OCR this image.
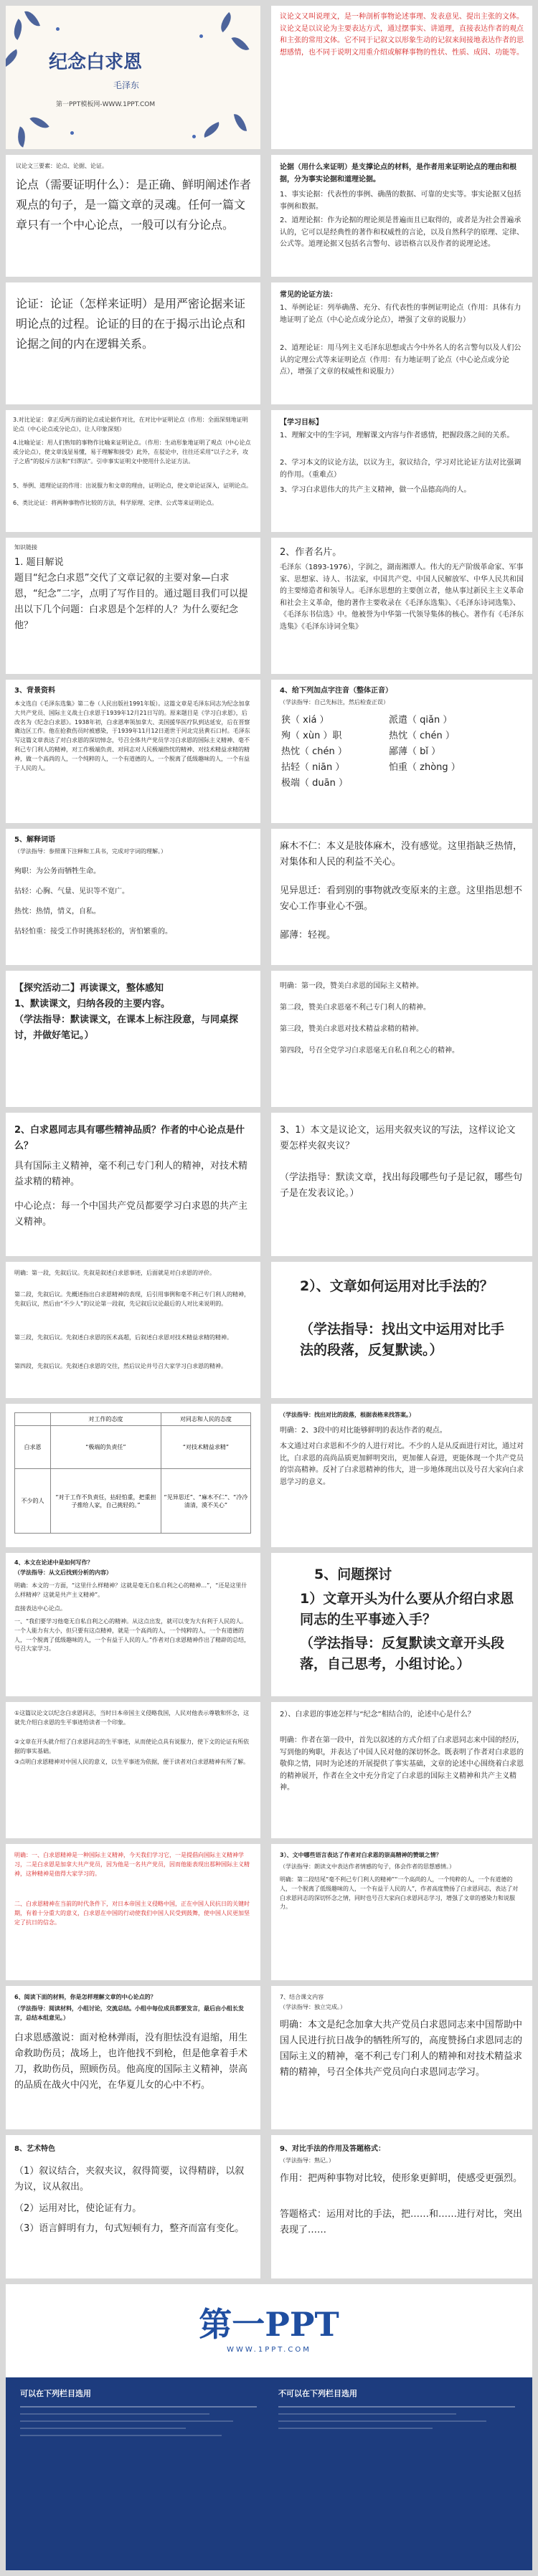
纪念白求恩
毛泽东
第一PPT模板网-WWW.1PPT.COM
议论文又叫说理文，是一种剖析事物论述事理、发表意见、提出主张的文体。议论文是以议论为主要表达方式，通过摆事实、讲道理，直接表达作者的观点和主张的常用文体。它不同于记叙文以形象生动的记叙来间接地表达作者的思想感情，也不同于说明文用重介绍或解释事物的性状、性质、成因、功能等。
议论文三要素：论点、论据、论证。
论点（需要证明什么）：是正确、鲜明阐述作者观点的句子，是一篇文章的灵魂。任何一篇文章只有一个中心论点，一般可以有分论点。
论据（用什么来证明）是支撑论点的材料，是作者用来证明论点的理由和根据，分为事实论据和道理论据。
1、事实论据：代表性的事例、确凿的数据、可靠的史实等。事实论据又包括事例和数据。
2、道理论据：作为论据的理论须是普遍而且已取得的，或者是为社会普遍承认的，它可以是经典性的著作和权威性的言论，以及自然科学的原理、定律、公式等。道理论据又包括名言警句、谚语格言以及作者的说理论述。
论证：论证（怎样来证明）是用严密论据来证明论点的过程。论证的目的在于揭示出论点和论据之间的内在逻辑关系。
常见的论证方法：
1、举例论证：列举确凿、充分、有代表性的事例证明论点（作用：具体有力地证明了论点（中心论点或分论点），增强了文章的说服力）
2、道理论证：用马列主义毛泽东思想或古今中外名人的名言警句以及人们公认的定理公式等来证明论点（作用：有力地证明了论点（中心论点或分论点），增强了文章的权威性和说服力）
3.对比论证：拿正反两方面的论点或论据作对比，在对比中证明论点（作用：全面深刻地证明论点（中心论点或分论点），让人印象深刻）
4.比喻论证：用人们熟知的事物作比喻来证明论点。（作用：生动形象地证明了观点（中心论点或分论点），使文章浅显易懂，易于理解和接受）此外，在驳论中，往往还采用“以子之矛，攻子之盾”的驳斥方法和“归谬法”。引申事实证明文中使用什么论证方法。
5、举例、道理论证的作用：出说服力和文章的理由，证明论点，使文章论证深入，证明论点。
6、类比论证：将两种事物作比较的方法，科学原理、定律、公式等来证明论点。
【学习目标】
1、理解文中的生字词，理解课文内容与作者感情，把握段落之间的关系。
2、学习本文的议论方法，以议为主，叙议结合，学习对比论证方法对比强调的作用。（重难点）
3、学习白求恩伟大的共产主义精神，做一个品德高尚的人。
知识链接
1. 题目解说
题目“纪念白求恩”交代了文章记叙的主要对象—白求恩，“纪念”二字，点明了写作目的。通过题目我们可以提出以下几个问题：白求恩是个怎样的人？为什么要纪念他？
2、作者名片。
毛泽东（1893-1976），字润之，湖南湘潭人。伟大的无产阶级革命家、军事家、思想家、诗人、书法家，中国共产党、中国人民解放军、中华人民共和国的主要缔造者和领导人。毛泽东思想的主要创立者，他从事过新民主主义革命和社会主义革命，他的著作主要收录在《毛泽东选集》、《毛泽东诗词选集》、《毛泽东书信选》中。他被誉为中华第一代领导集体的核心。著作有《毛泽东选集》《毛泽东诗词全集》
3、背景资料
本文选自《毛泽东选集》第二卷（人民出版社1991年版）。这篇文章是毛泽东同志为纪念加拿大共产党员、国际主义战士白求恩于1939年12月21日写的。原来题目是《学习白求恩》，后改名为《纪念白求恩》。1938年初，白求恩率领加拿大、美国援华医疗队到达延安，后在晋察冀边区工作。他在抢救伤员时被感染，于1939年11月12日逝世于河北完县黄石口村。毛泽东写这篇文章表达了对白求恩的深切悼念，号召全体共产党员学习白求恩的国际主义精神、毫不利己专门利人的精神，对工作极端负责、对同志对人民极端热忱的精神、对技术精益求精的精神，做一个高尚的人，一个纯粹的人，一个有道德的人，一个脱离了低级趣味的人，一个有益于人民的人。
4、给下列加点字注音（整体正音）
（学法指导：自己先标注，然后检查正误）
狭（ xiá ）	派遣（ qiǎn ）
殉（ xùn ）职	热忱（ chén ）
热忱（ chén ）	鄙薄（ bǐ ）
拈轻（ niān ）	怕重（ zhòng ）
极端（ duān ）
5、解释词语
（学法指导：参照课下注释和工具书，完成对字词的理解。）
殉职：为公务而牺牲生命。
拈轻：心胸、气量、见识等不宽广。
热忱：热情，情义，自私。
拈轻怕重：接受工作时挑拣轻松的，害怕繁重的。
麻木不仁：本义是肢体麻木，没有感觉。这里指缺乏热情，对集体和人民的利益不关心。
见异思迁：看到别的事物就改变原来的主意。这里指思想不安心工作事业心不强。
鄙薄：轻视。
【探究活动二】再读课文，整体感知
1、默读课文，归纳各段的主要内容。
（学法指导：默读课文，在课本上标注段意，与同桌探讨，并做好笔记。）
明确：第一段，赞美白求恩的国际主义精神。
第二段，赞美白求恩毫不利己专门利人的精神。
第三段，赞美白求恩对技术精益求精的精神。
第四段，号召全党学习白求恩毫无自私自利之心的精神。
2、白求恩同志具有哪些精神品质？作者的中心论点是什么？
具有国际主义精神，毫不利己专门利人的精神，对技术精益求精的精神。
中心论点：每一个中国共产党员都要学习白求恩的共产主义精神。
3、1）本文是议论文，运用夹叙夹议的写法，这样议论文要怎样夹叙夹议？
（学法指导：默读文章，找出每段哪些句子是记叙，哪些句子是在发表议论。）
明确：第一段，先叙后议。先叙是叙述白求恩事迹，后面就是对白求恩的评价。
第二段，先叙后议。先概述指出白求恩精神的表现，后引用事例和毫不利己专门利人的精神，先叙后议，然后由“不少人”的议论第一段叙，先记叙后议论最后的人对比来说明的。
第三段，先叙后议。先叙述白求恩的医术高超，后叙述白求恩对技术精益求精的精神。
第四段，先叙后议。先叙述白求恩的交往，然后议论并号召大家学习白求恩的精神。
2）、文章如何运用对比手法的？
（学法指导：找出文中运用对比手法的段落，反复默读。）
	对工作的态度	对同志和人民的态度
白求恩	“极端的负责任”	“对技术精益求精”
不少的人	“对于工作不负责任，拈轻怕重，把重担子推给人家，自己挑轻的。”	“见异思迁”、“麻木不仁”、“冷冷清清，漠不关心”
（学法指导：找出对比的段落，根据表格来找答案。）
明确：2、3段中的对比能够鲜明的表达作者的观点。
本文通过对白求恩和不少的人进行对比。不少的人是从反面进行对比，通过对比，白求恩的高尚品质更加鲜明突出，更加催人奋进，更能体现一个共产党员的崇高精神。反衬了白求恩精神的伟大，进一步地体现出以及号召大家向白求恩学习的意义。
4、本文在论述中是如何写作？
（学法指导：从文后找到分析的内容）
明确：本文的一方面，“这里什么样精神？这就是毫无自私自利之心的精神…”，“还是这里什么样精神？这就是共产主义精神”。
直接表达中心论点。
一、“我们要学习他毫无自私自利之心的精神。从这点出发，就可以变为大有利于人民的人。一个人能力有大小，但只要有这点精神，就是一个高尚的人，一个纯粹的人，一个有道德的人，一个脱离了低级趣味的人，一个有益于人民的人。”作者对白求恩精神作出了精辟的总结，号召大家学习。
5、问题探讨
1）文章开头为什么要从介绍白求恩同志的生平事迹入手？
（学法指导：反复默读文章开头段落，自己思考，小组讨论。）
①这篇议论文以纪念白求恩同志，当时日本帝国主义侵略我国，人民对他表示尊敬和怀念，这就先介绍白求恩的生平事迹给读者一个印象。
②文章在开头就介绍了白求恩同志的生平事迹，从而使论点具有说服力，使下文的论证有所依据的事实基础。
③点明白求恩精神对中国人民的意义，以生平事迹为依据，便于读者对白求恩精神有所了解。
2）、白求恩的事迹怎样与“纪念”相结合的，论述中心是什么？
明确：作者在第一段中，首先以叙述的方式介绍了白求恩同志来中国的经历，写到他的殉职，并表达了中国人民对他的深切怀念。既表明了作者对白求恩的敬仰之情，同时为论述的开展提供了事实基础，文章的论述中心围绕着白求恩的精神展开，作者在全文中充分肯定了白求恩的国际主义精神和共产主义精神。
明确：一、白求恩精神是一种国际主义精神，今天我们学习它，一是提倡向国际主义精神学习，二是白求恩是加拿大共产党员，因为他是一名共产党员，因而他能表现出那种国际主义精神，这种精神是值得大家学习的。
二、白求恩精神在当前的时代条件下，对日本帝国主义侵略中国，正在中国人民抗日的关键时期，有着十分重大的意义，白求恩在中国的行动使我们中国人民受到鼓舞，使中国人民更加坚定了抗日的信念。
3）、文中哪些语言表达了作者对白求恩的崇高精神的赞颂之情？
（学法指导：朗读文中表达作者情感的句子，体会作者的思想感情。）
明确：第二段结尾“毫不利己专门利人的精神”“一个高尚的人，一个纯粹的人，一个有道德的人，一个脱离了低级趣味的人，一个有益于人民的人”，作者高度赞扬了白求恩同志，表达了对白求恩同志的深切怀念之情，同时也号召大家向白求恩同志学习，增强了文章的感染力和说服力。
6、阅读下面的材料，你是怎样理解文章的中心论点的？
（学法指导：阅读材料，小组讨论，交流总结。小组中每位成员都要发言，最后由小组长发言，总结本组意见。）
白求恩感激说：面对枪林弹雨，没有胆怯没有退缩，用生命救助伤员；战场上，也许他找不到枪，但是他拿着手术刀，救助伤员，照顾伤员。他高度的国际主义精神，崇高的品质在战火中闪光，在华夏儿女的心中不朽。
7、结合课文内容
（学法指导：独立完成。）
明确：本文是纪念加拿大共产党员白求恩同志来中国帮助中国人民进行抗日战争的牺牲所写的，高度赞扬白求恩同志的国际主义的精神，毫不利己专门利人的精神和对技术精益求精的精神，号召全体共产党员向白求恩同志学习。
8、艺术特色
（1）叙议结合，夹叙夹议，叙得简要，议得精辟，以叙为议，议从叙出。
（2）运用对比，使论证有力。
（3）语言鲜明有力，句式短顿有力，整齐而富有变化。
9、对比手法的作用及答题格式：
（学法指导：熟记。）
作用：把两种事物对比较，使形象更鲜明，使感受更强烈。
答题格式：运用对比的手法，把……和……进行对比，突出表现了……
第一PPT
WWW.1PPT.COM
可以在下列栏目选用	不可以在下列栏目选用
